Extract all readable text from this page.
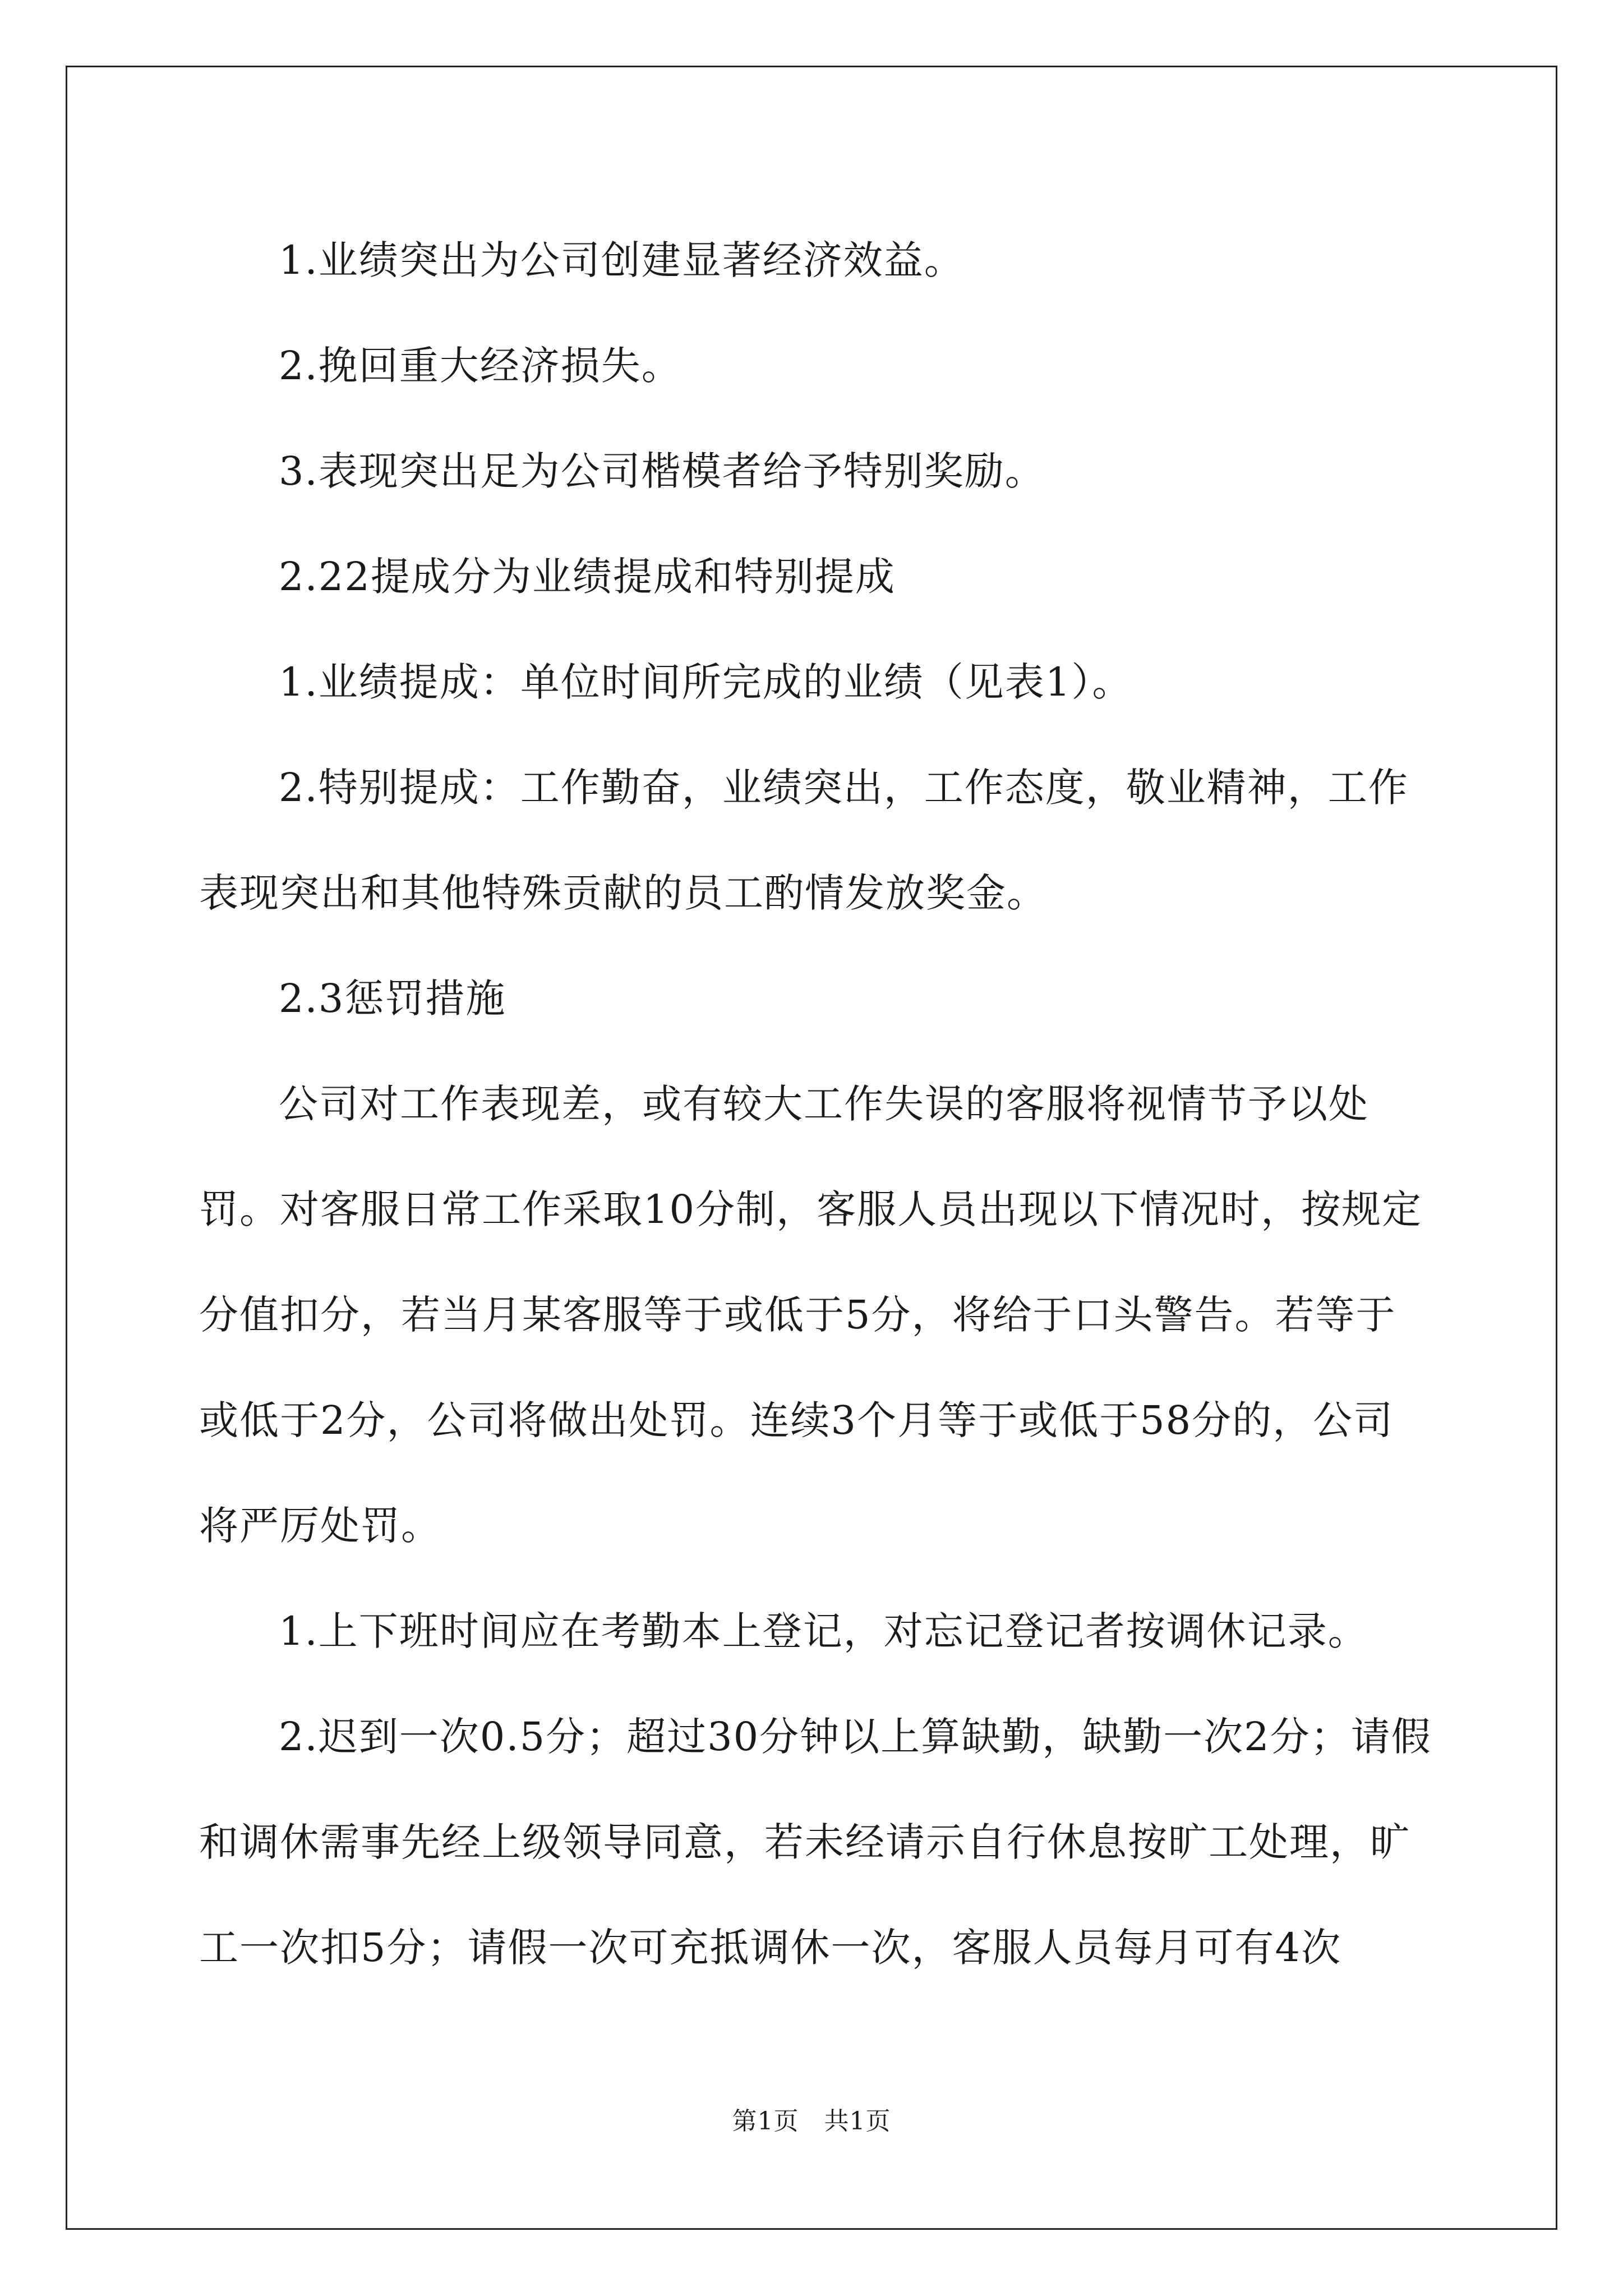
1.业绩突出为公司创建显著经济效益。

2.挽回重大经济损失。

3.表现突出足为公司楷模者给予特别奖励。

2.22提成分为业绩提成和特别提成

1.业绩提成：单位时间所完成的业绩（见表1）。

2.特别提成：工作勤奋，业绩突出，工作态度，敬业精神，工作表现突出和其他特殊贡献的员工酌情发放奖金。

2.3惩罚措施

公司对工作表现差，或有较大工作失误的客服将视情节予以处罚。对客服日常工作采取10分制，客服人员出现以下情况时，按规定分值扣分，若当月某客服等于或低于5分，将给于口头警告。若等于或低于2分，公司将做出处罚。连续3个月等于或低于58分的，公司将严厉处罚。

1.上下班时间应在考勤本上登记，对忘记登记者按调休记录。

2.迟到一次0.5分；超过30分钟以上算缺勤，缺勤一次2分；请假和调休需事先经上级领导同意，若未经请示自行休息按旷工处理，旷工一次扣5分；请假一次可充抵调休一次，客服人员每月可有4次

第1页　共1页
